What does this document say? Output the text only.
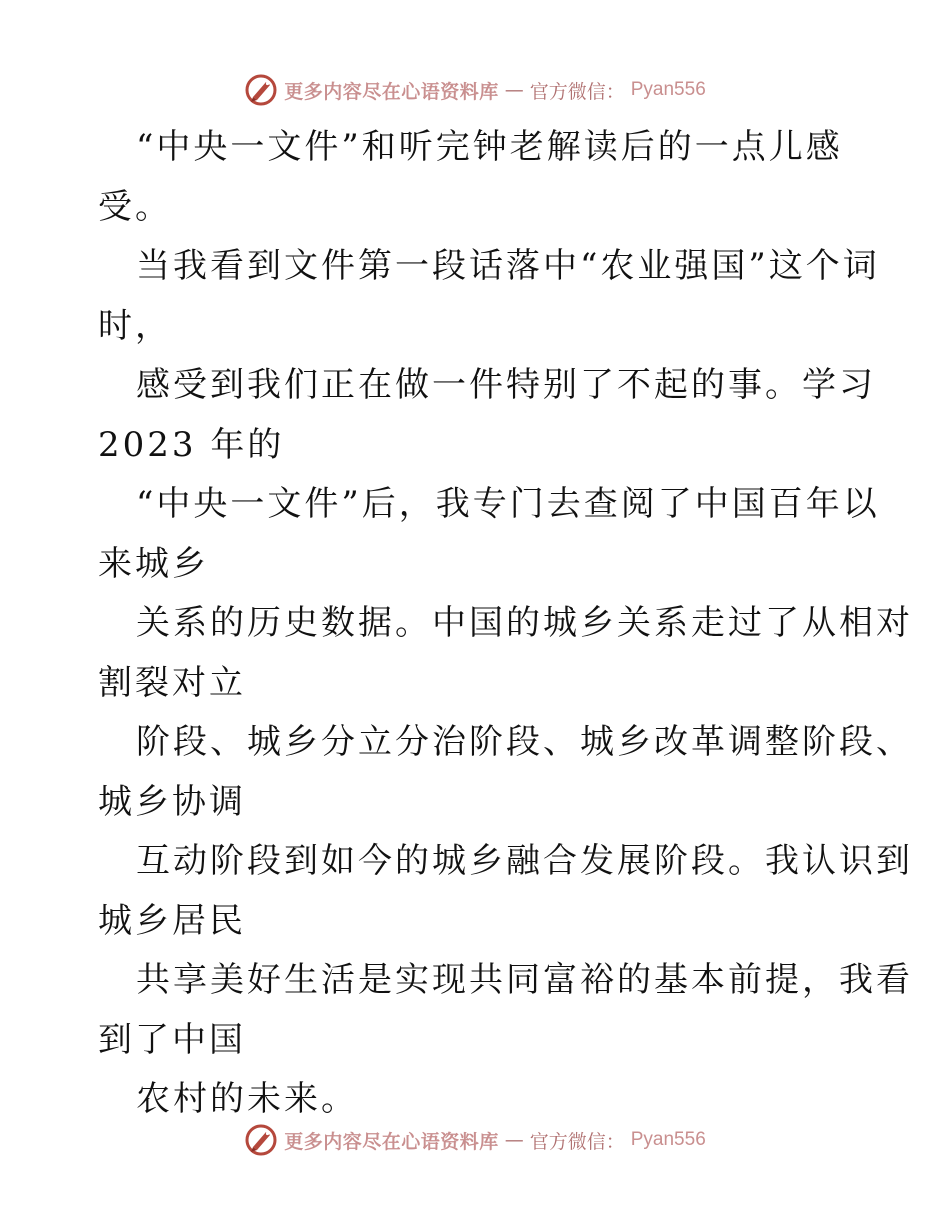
更多内容尽在心语资料库 — 官方微信： Pyan556
“中央一文件”和听完钟老解读后的一点儿感
受。
当我看到文件第一段话落中“农业强国”这个词
时，
感受到我们正在做一件特别了不起的事。学习
2023 年的
“中央一文件”后，我专门去查阅了中国百年以
来城乡
关系的历史数据。中国的城乡关系走过了从相对
割裂对立
阶段、城乡分立分治阶段、城乡改革调整阶段、
城乡协调
互动阶段到如今的城乡融合发展阶段。我认识到
城乡居民
共享美好生活是实现共同富裕的基本前提，我看
到了中国
农村的未来。
更多内容尽在心语资料库 — 官方微信： Pyan556
